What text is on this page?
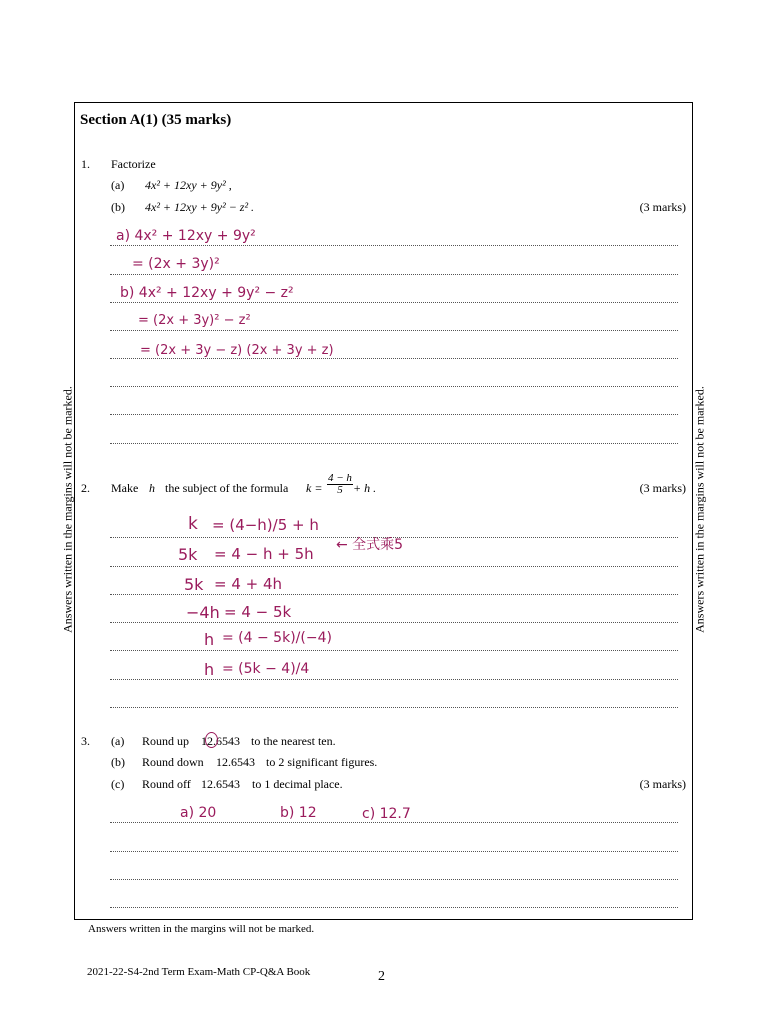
Answers written in the margins will not be marked.	Answers written in the margins will not be marked.
Section A(1) (35 marks)
1. Factorize
(a) 4x² + 12xy + 9y² ,
(b) 4x² + 12xy + 9y² − z² .	(3 marks)
a) 4x² + 12xy + 9y²
= (2x + 3y)²
b) 4x² + 12xy + 9y² − z²
= (2x + 3y)² − z²
= (2x + 3y − z) (2x + 3y + z)
2. Make h the subject of the formula $k = \frac{4 - h}{5} + h$ .	(3 marks)
k = (4−h)/5 + h
5k = 4 − h + 5h ← 全式乘5
5k = 4 + 4h
−4h = 4 − 5k
h = (4 − 5k)/(−4)
h = (5k − 4)/4
3. (a) Round up 12.6543 to the nearest ten.
(b) Round down 12.6543 to 2 significant figures.
(c) Round off 12.6543 to 1 decimal place.	(3 marks)
a) 20	b) 12	c) 12.7
Answers written in the margins will not be marked.
2021-22-S4-2nd Term Exam-Math CP-Q&A Book	2
